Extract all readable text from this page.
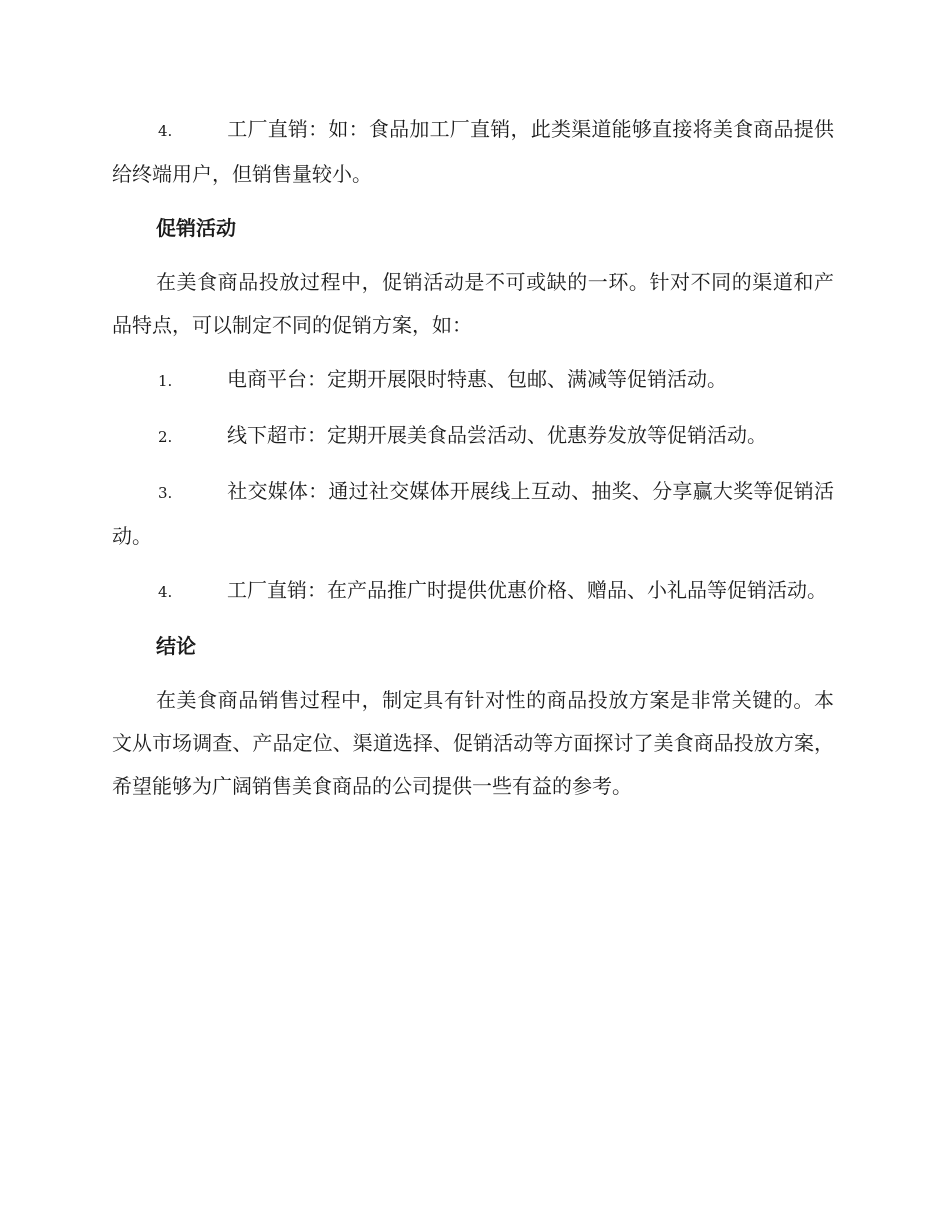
4.	工厂直销：如：食品加工厂直销，此类渠道能够直接将美食商品提供给终端用户，但销售量较小。

促销活动

在美食商品投放过程中，促销活动是不可或缺的一环。针对不同的渠道和产品特点，可以制定不同的促销方案，如：

1.	电商平台：定期开展限时特惠、包邮、满减等促销活动。

2.	线下超市：定期开展美食品尝活动、优惠券发放等促销活动。

3.	社交媒体：通过社交媒体开展线上互动、抽奖、分享赢大奖等促销活动。

4.	工厂直销：在产品推广时提供优惠价格、赠品、小礼品等促销活动。

结论

在美食商品销售过程中，制定具有针对性的商品投放方案是非常关键的。本文从市场调查、产品定位、渠道选择、促销活动等方面探讨了美食商品投放方案，希望能够为广阔销售美食商品的公司提供一些有益的参考。
